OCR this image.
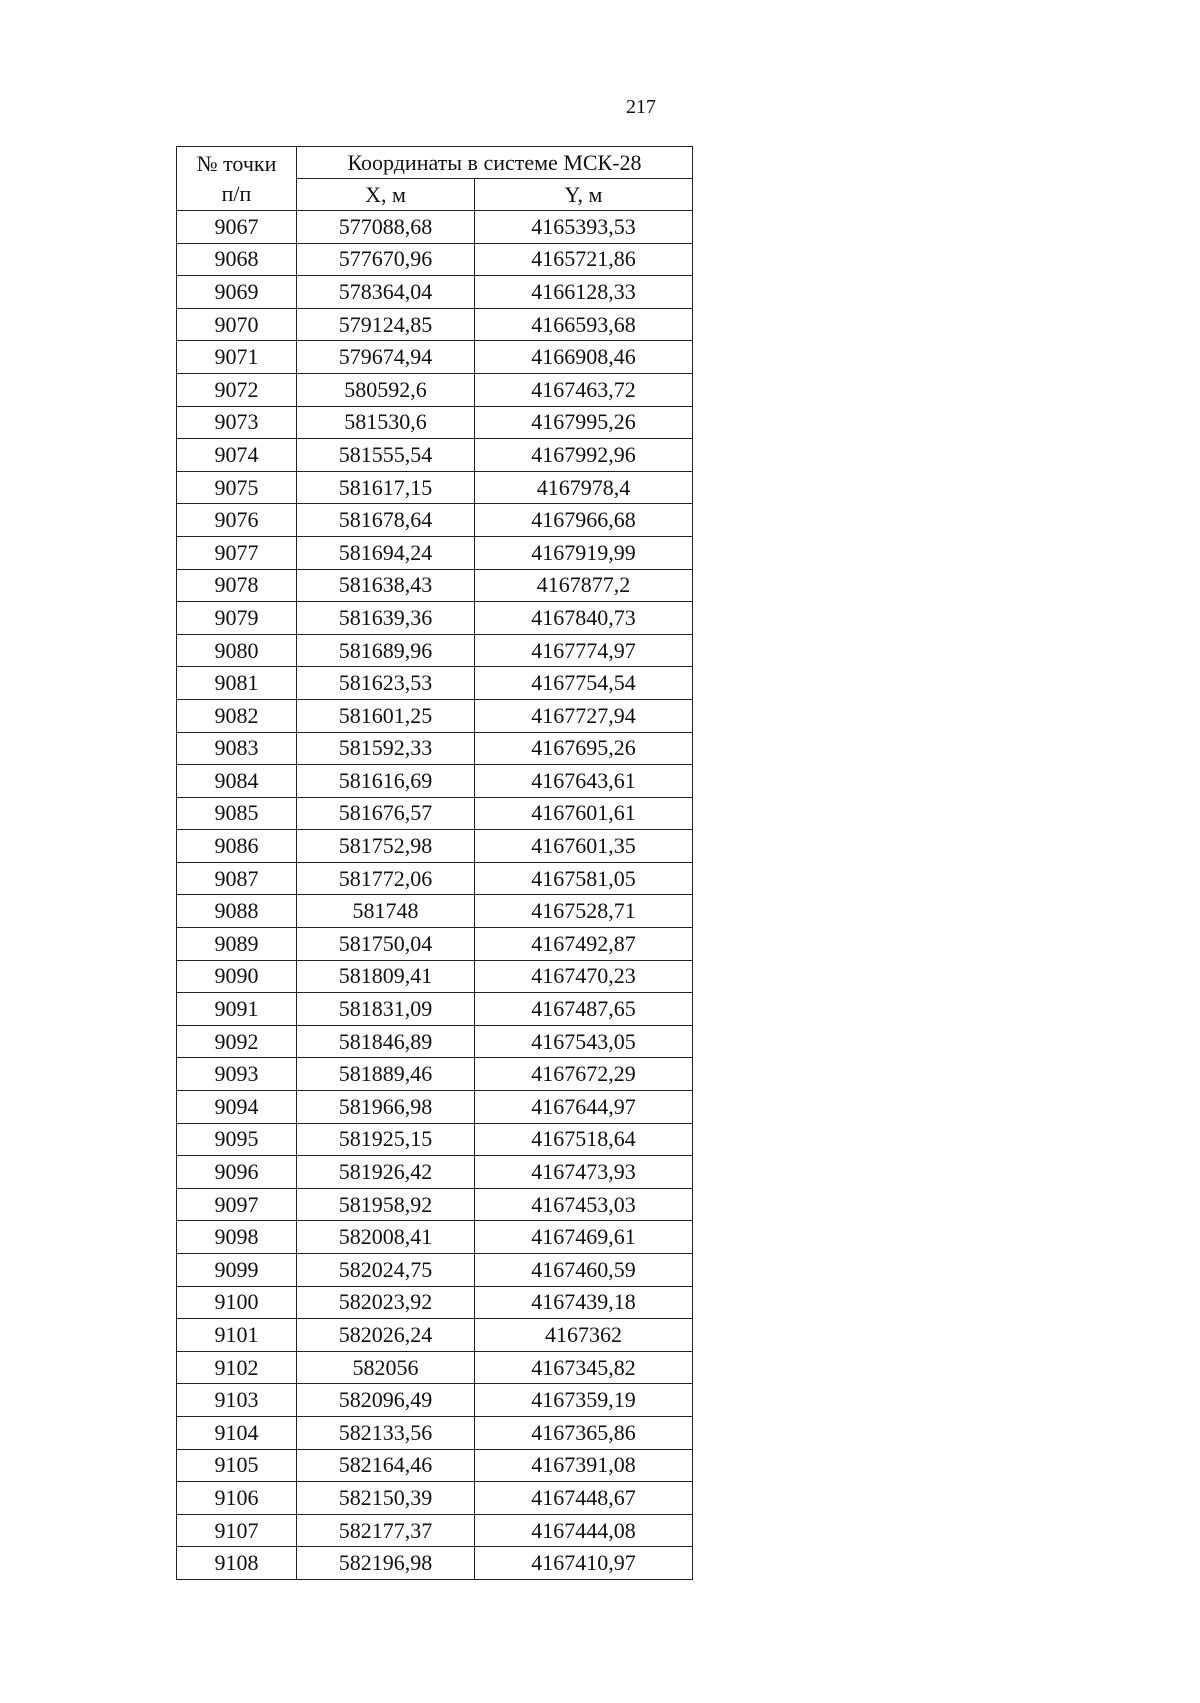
217
№ точки
п/п	Координаты в системе МСК-28	
	X, м	Y, м
9067	577088,68	4165393,53
9068	577670,96	4165721,86
9069	578364,04	4166128,33
9070	579124,85	4166593,68
9071	579674,94	4166908,46
9072	580592,6	4167463,72
9073	581530,6	4167995,26
9074	581555,54	4167992,96
9075	581617,15	4167978,4
9076	581678,64	4167966,68
9077	581694,24	4167919,99
9078	581638,43	4167877,2
9079	581639,36	4167840,73
9080	581689,96	4167774,97
9081	581623,53	4167754,54
9082	581601,25	4167727,94
9083	581592,33	4167695,26
9084	581616,69	4167643,61
9085	581676,57	4167601,61
9086	581752,98	4167601,35
9087	581772,06	4167581,05
9088	581748	4167528,71
9089	581750,04	4167492,87
9090	581809,41	4167470,23
9091	581831,09	4167487,65
9092	581846,89	4167543,05
9093	581889,46	4167672,29
9094	581966,98	4167644,97
9095	581925,15	4167518,64
9096	581926,42	4167473,93
9097	581958,92	4167453,03
9098	582008,41	4167469,61
9099	582024,75	4167460,59
9100	582023,92	4167439,18
9101	582026,24	4167362
9102	582056	4167345,82
9103	582096,49	4167359,19
9104	582133,56	4167365,86
9105	582164,46	4167391,08
9106	582150,39	4167448,67
9107	582177,37	4167444,08
9108	582196,98	4167410,97
